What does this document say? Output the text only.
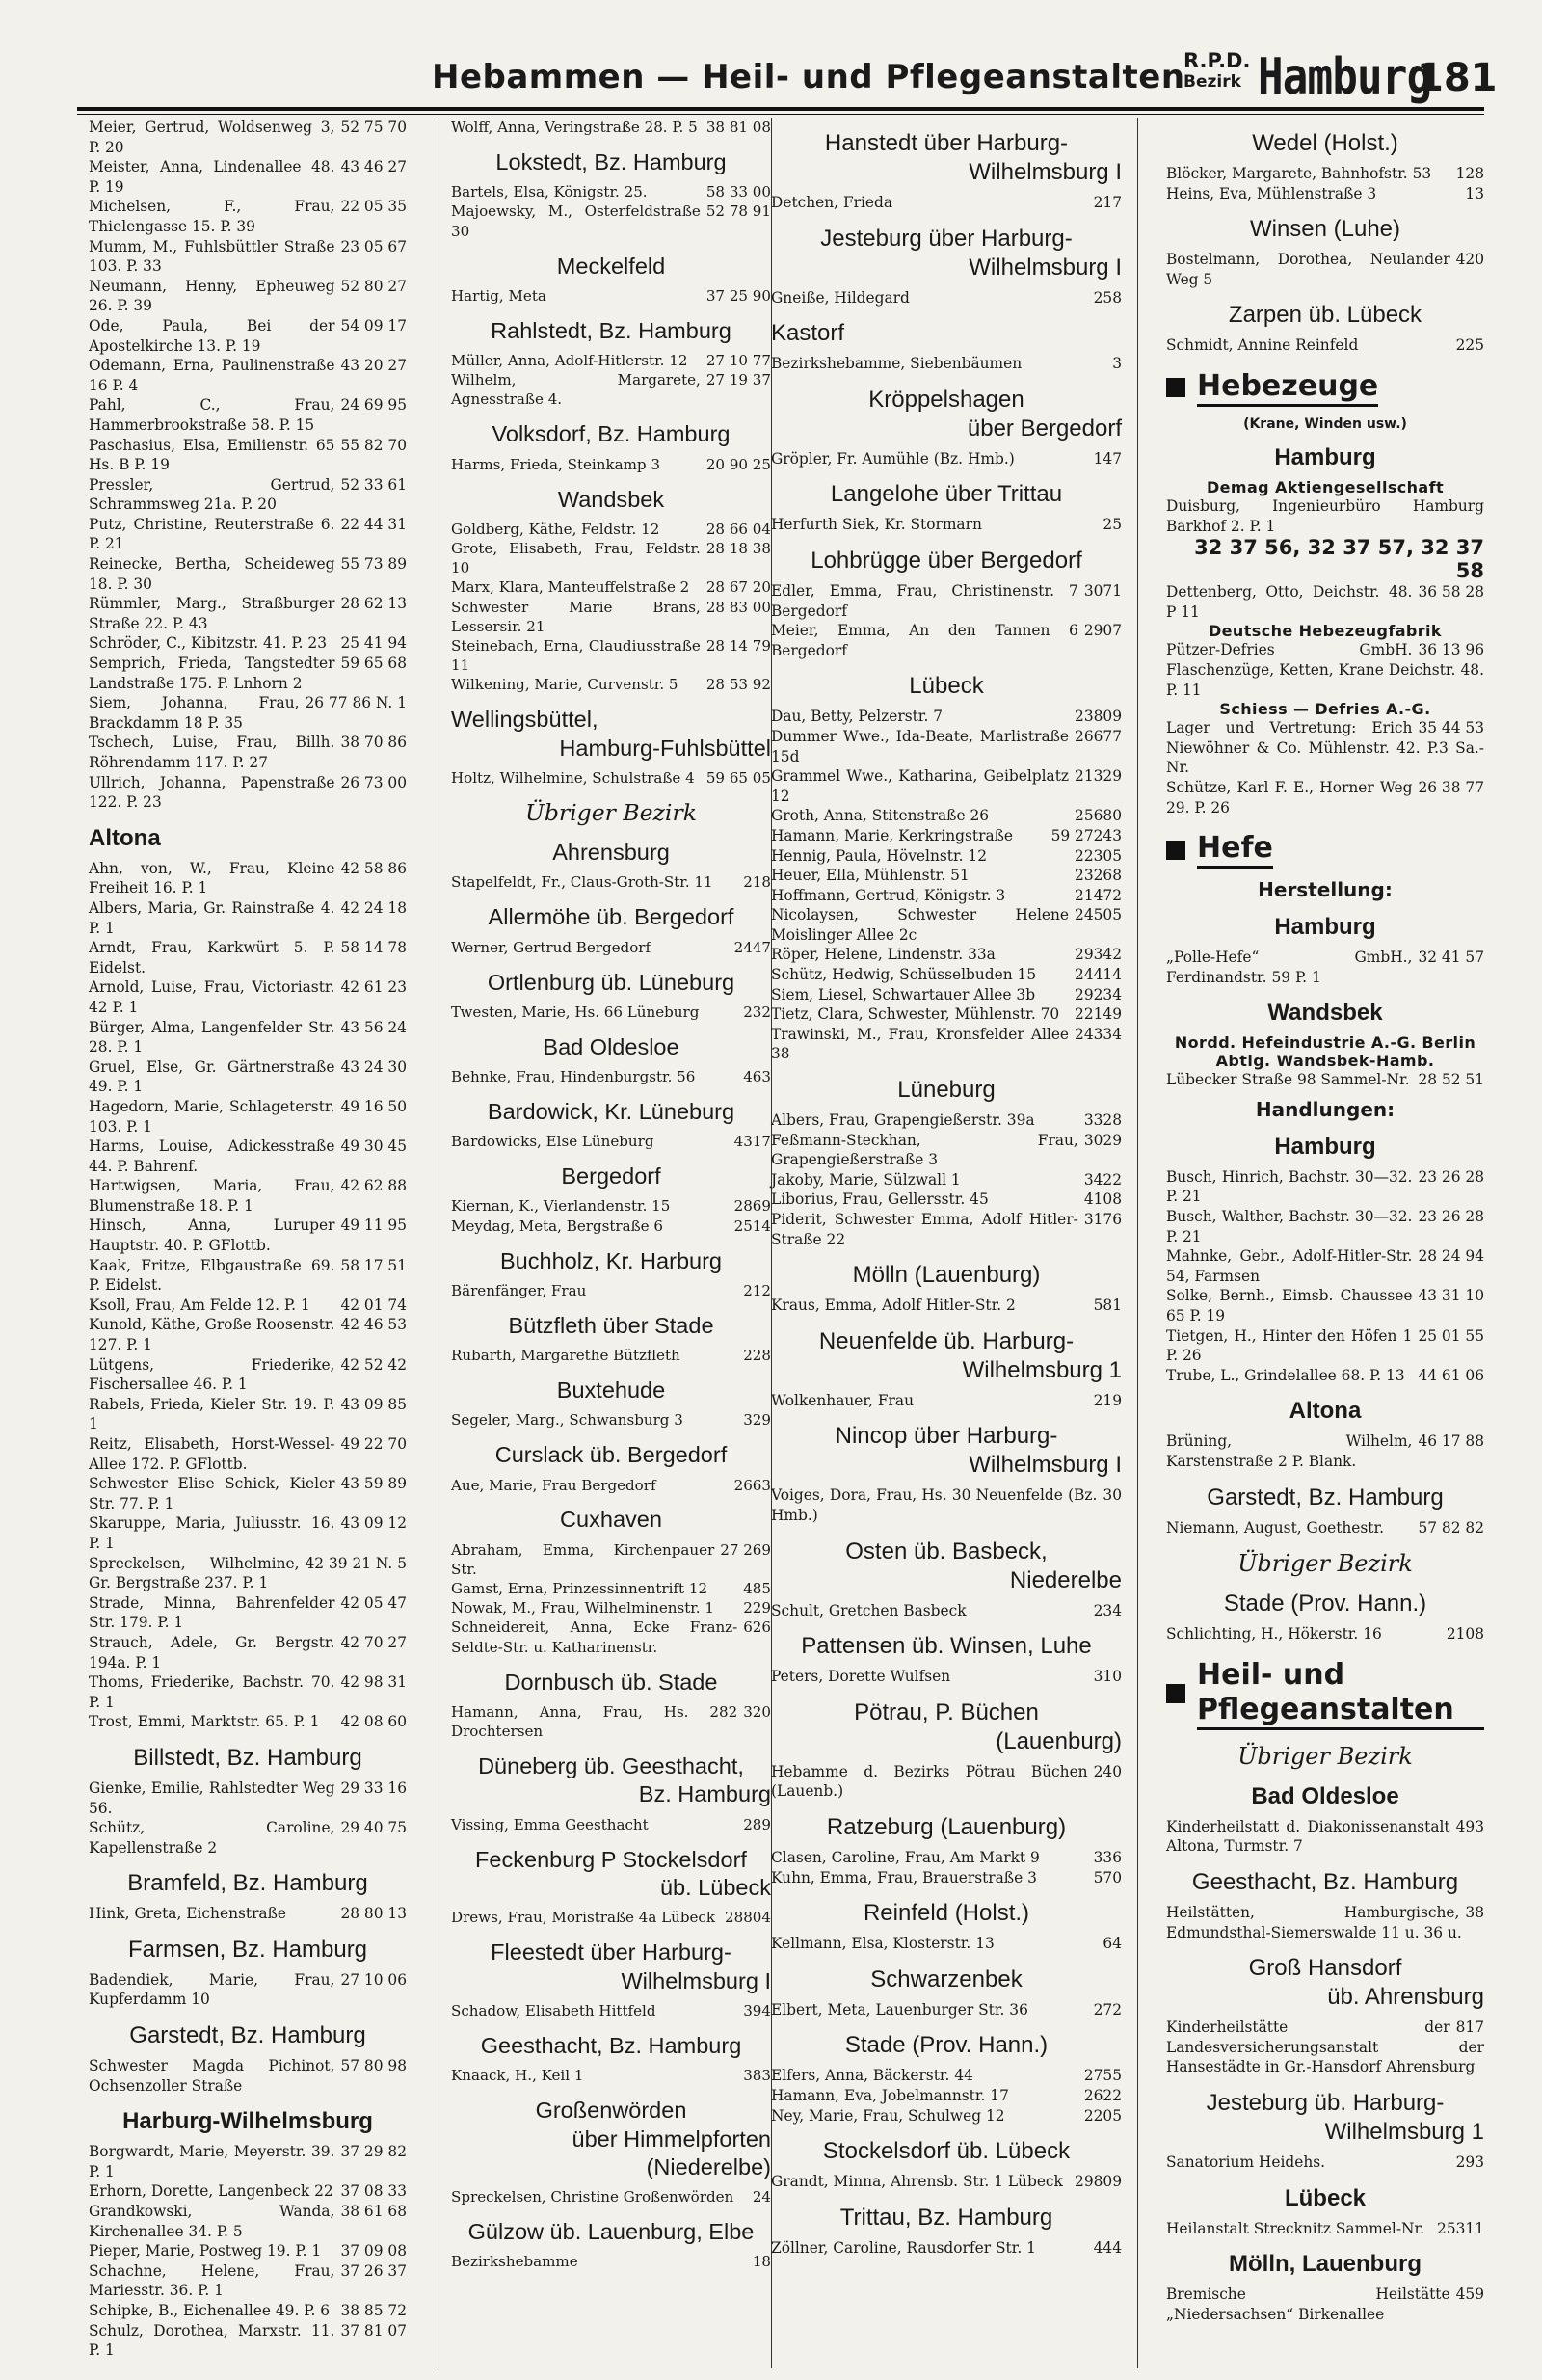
Hebammen — Heil- und Pflegeanstalten
R.P.D.
Bezirk Hamburg
181

52 75 70
Meier, Gertrud, Woldsenweg 3, P. 20

43 46 27
Meister, Anna, Lindenallee 48. P. 19

22 05 35
Michelsen, F., Frau, Thielengasse 15. P. 39

23 05 67
Mumm, M., Fuhlsbüttler Straße 103. P. 33

52 80 27
Neumann, Henny, Epheuweg 26. P. 39

54 09 17
Ode, Paula, Bei der Apostelkirche 13. P. 19

43 20 27
Odemann, Erna, Paulinenstraße 16 P. 4

24 69 95
Pahl, C., Frau, Hammerbrookstraße 58. P. 15

55 82 70
Paschasius, Elsa, Emilienstr. 65 Hs. B P. 19

52 33 61
Pressler, Gertrud, Schrammsweg 21a. P. 20

22 44 31
Putz, Christine, Reuterstraße 6. P. 21

55 73 89
Reinecke, Bertha, Scheideweg 18. P. 30

28 62 13
Rümmler, Marg., Straßburger Straße 22. P. 43

25 41 94
Schröder, C., Kibitzstr. 41. P. 23

59 65 68
Semprich, Frieda, Tangstedter Landstraße 175. P. Lnhorn 2

26 77 86 N. 1
Siem, Johanna, Frau, Brackdamm 18 P. 35

38 70 86
Tschech, Luise, Frau, Billh. Röhrendamm 117. P. 27

26 73 00
Ullrich, Johanna, Papenstraße 122. P. 23

Altona

42 58 86
Ahn, von, W., Frau, Kleine Freiheit 16. P. 1

42 24 18
Albers, Maria, Gr. Rainstraße 4. P. 1

58 14 78
Arndt, Frau, Karkwürt 5. P. Eidelst.

42 61 23
Arnold, Luise, Frau, Victoriastr. 42 P. 1

43 56 24
Bürger, Alma, Langenfelder Str. 28. P. 1

43 24 30
Gruel, Else, Gr. Gärtnerstraße 49. P. 1

49 16 50
Hagedorn, Marie, Schlageterstr. 103. P. 1

49 30 45
Harms, Louise, Adickesstraße 44. P. Bahrenf.

42 62 88
Hartwigsen, Maria, Frau, Blumenstraße 18. P. 1

49 11 95
Hinsch, Anna, Luruper Hauptstr. 40. P. GFlottb.

58 17 51
Kaak, Fritze, Elbgaustraße 69. P. Eidelst.

42 01 74
Ksoll, Frau, Am Felde 12. P. 1

42 46 53
Kunold, Käthe, Große Roosenstr. 127. P. 1

42 52 42
Lütgens, Friederike, Fischersallee 46. P. 1

43 09 85
Rabels, Frieda, Kieler Str. 19. P. 1

49 22 70
Reitz, Elisabeth, Horst-Wessel-Allee 172. P. GFlottb.

43 59 89
Schwester Elise Schick, Kieler Str. 77. P. 1

43 09 12
Skaruppe, Maria, Juliusstr. 16. P. 1

42 39 21 N. 5
Spreckelsen, Wilhelmine, Gr. Bergstraße 237. P. 1

42 05 47
Strade, Minna, Bahrenfelder Str. 179. P. 1

42 70 27
Strauch, Adele, Gr. Bergstr. 194a. P. 1

42 98 31
Thoms, Friederike, Bachstr. 70. P. 1

42 08 60
Trost, Emmi, Marktstr. 65. P. 1

Billstedt, Bz. Hamburg

29 33 16
Gienke, Emilie, Rahlstedter Weg 56.

29 40 75
Schütz, Caroline, Kapellenstraße 2

Bramfeld, Bz. Hamburg

28 80 13
Hink, Greta, Eichenstraße

Farmsen, Bz. Hamburg

27 10 06
Badendiek, Marie, Frau, Kupferdamm 10

Garstedt, Bz. Hamburg

57 80 98
Schwester Magda Pichinot, Ochsenzoller Straße

Harburg-Wilhelmsburg

37 29 82
Borgwardt, Marie, Meyerstr. 39. P. 1

37 08 33
Erhorn, Dorette, Langenbeck 22

38 61 68
Grandkowski, Wanda, Kirchenallee 34. P. 5

37 09 08
Pieper, Marie, Postweg 19. P. 1

37 26 37
Schachne, Helene, Frau, Mariesstr. 36. P. 1

38 85 72
Schipke, B., Eichenallee 49. P. 6

37 81 07
Schulz, Dorothea, Marxstr. 11. P. 1

38 81 08
Wolff, Anna, Veringstraße 28. P. 5

Lokstedt, Bz. Hamburg

58 33 00
Bartels, Elsa, Königstr. 25.

52 78 91
Majoewsky, M., Osterfeldstraße 30

Meckelfeld

37 25 90
Hartig, Meta

Rahlstedt, Bz. Hamburg

27 10 77
Müller, Anna, Adolf-Hitlerstr. 12

27 19 37
Wilhelm, Margarete, Agnesstraße 4.

Volksdorf, Bz. Hamburg

20 90 25
Harms, Frieda, Steinkamp 3

Wandsbek

28 66 04
Goldberg, Käthe, Feldstr. 12

28 18 38
Grote, Elisabeth, Frau, Feldstr. 10

28 67 20
Marx, Klara, Manteuffelstraße 2

28 83 00
Schwester Marie Brans, Lessersir. 21

28 14 79
Steinebach, Erna, Claudiusstraße 11

28 53 92
Wilkening, Marie, Curvenstr. 5

Wellingsbüttel,
Hamburg-Fuhlsbüttel

59 65 05
Holtz, Wilhelmine, Schulstraße 4

Übriger Bezirk
Ahrensburg

218
Stapelfeldt, Fr., Claus-Groth-Str. 11

Allermöhe üb. Bergedorf

2447
Werner, Gertrud Bergedorf

Ortlenburg üb. Lüneburg

232
Twesten, Marie, Hs. 66 Lüneburg

Bad Oldesloe

463
Behnke, Frau, Hindenburgstr. 56

Bardowick, Kr. Lüneburg

4317
Bardowicks, Else Lüneburg

Bergedorf

2869
Kiernan, K., Vierlandenstr. 15

2514
Meydag, Meta, Bergstraße 6

Buchholz, Kr. Harburg

212
Bärenfänger, Frau

Bützfleth über Stade

228
Rubarth, Margarethe Bützfleth

Buxtehude

329
Segeler, Marg., Schwansburg 3

Curslack üb. Bergedorf

2663
Aue, Marie, Frau Bergedorf

Cuxhaven

27 269
Abraham, Emma, Kirchenpauer Str.

485
Gamst, Erna, Prinzessinnentrift 12

229
Nowak, M., Frau, Wilhelminenstr. 1

626
Schneidereit, Anna, Ecke Franz-Seldte-Str. u. Katharinenstr.

Dornbusch üb. Stade

320
Hamann, Anna, Frau, Hs. 282 Drochtersen

Düneberg üb. Geesthacht,
Bz. Hamburg

289
Vissing, Emma Geesthacht

Feckenburg P Stockelsdorf
üb. Lübeck

28804
Drews, Frau, Moristraße 4a Lübeck

Fleestedt über Harburg-
Wilhelmsburg I

394
Schadow, Elisabeth Hittfeld

Geesthacht, Bz. Hamburg

383
Knaack, H., Keil 1

Großenwörden
über Himmelpforten
(Niederelbe)

24
Spreckelsen, Christine Großenwörden

Gülzow üb. Lauenburg, Elbe

18
Bezirkshebamme

Hanstedt über Harburg-
Wilhelmsburg I

217
Detchen, Frieda

Jesteburg über Harburg-
Wilhelmsburg I

258
Gneiße, Hildegard

Kastorf

3
Bezirkshebamme, Siebenbäumen

Kröppelshagen
über Bergedorf

147
Gröpler, Fr. Aumühle (Bz. Hmb.)

Langelohe über Trittau

25
Herfurth Siek, Kr. Stormarn

Lohbrügge über Bergedorf

3071
Edler, Emma, Frau, Christinenstr. 7 Bergedorf

2907
Meier, Emma, An den Tannen 6 Bergedorf

Lübeck

23809
Dau, Betty, Pelzerstr. 7

26677
Dummer Wwe., Ida-Beate, Marlistraße 15d

21329
Grammel Wwe., Katharina, Geibelplatz 12

25680
Groth, Anna, Stitenstraße 26

59 27243
Hamann, Marie, Kerkringstraße

22305
Hennig, Paula, Hövelnstr. 12

23268
Heuer, Ella, Mühlenstr. 51

21472
Hoffmann, Gertrud, Königstr. 3

24505
Nicolaysen, Schwester Helene Moislinger Allee 2c

29342
Röper, Helene, Lindenstr. 33a

24414
Schütz, Hedwig, Schüsselbuden 15

29234
Siem, Liesel, Schwartauer Allee 3b

22149
Tietz, Clara, Schwester, Mühlenstr. 70

24334
Trawinski, M., Frau, Kronsfelder Allee 38

Lüneburg

3328
Albers, Frau, Grapengießerstr. 39a

3029
Feßmann-Steckhan, Frau, Grapengießerstraße 3

3422
Jakoby, Marie, Sülzwall 1

4108
Liborius, Frau, Gellersstr. 45

3176
Piderit, Schwester Emma, Adolf Hitler-Straße 22

Mölln (Lauenburg)

581
Kraus, Emma, Adolf Hitler-Str. 2

Neuenfelde üb. Harburg-
Wilhelmsburg 1

219
Wolkenhauer, Frau

Nincop über Harburg-
Wilhelmsburg I

30
Voiges, Dora, Frau, Hs. 30 Neuenfelde (Bz. Hmb.)

Osten üb. Basbeck,
Niederelbe

234
Schult, Gretchen Basbeck

Pattensen üb. Winsen, Luhe

310
Peters, Dorette Wulfsen

Pötrau, P. Büchen
(Lauenburg)

240
Hebamme d. Bezirks Pötrau Büchen (Lauenb.)

Ratzeburg (Lauenburg)

336
Clasen, Caroline, Frau, Am Markt 9

570
Kuhn, Emma, Frau, Brauerstraße 3

Reinfeld (Holst.)

64
Kellmann, Elsa, Klosterstr. 13

Schwarzenbek

272
Elbert, Meta, Lauenburger Str. 36

Stade (Prov. Hann.)

2755
Elfers, Anna, Bäckerstr. 44

2622
Hamann, Eva, Jobelmannstr. 17

2205
Ney, Marie, Frau, Schulweg 12

Stockelsdorf üb. Lübeck

29809
Grandt, Minna, Ahrensb. Str. 1 Lübeck

Trittau, Bz. Hamburg

444
Zöllner, Caroline, Rausdorfer Str. 1

Wedel (Holst.)

128
Blöcker, Margarete, Bahnhofstr. 53

13
Heins, Eva, Mühlenstraße 3

Winsen (Luhe)

420
Bostelmann, Dorothea, Neulander Weg 5

Zarpen üb. Lübeck

225
Schmidt, Annine Reinfeld

Hebezeuge
(Krane, Winden usw.)
Hamburg
Demag Aktiengesellschaft

Duisburg, Ingenieurbüro Hamburg Barkhof 2. P. 1

32 37 56, 32 37 57, 32 37 58

36 58 28
Dettenberg, Otto, Deichstr. 48. P 11

Deutsche Hebezeugfabrik

36 13 96
Pützer-Defries GmbH. Flaschenzüge, Ketten, Krane Deichstr. 48. P. 11

Schiess — Defries A.-G.

35 44 53
Lager und Vertretung: Erich Niewöhner & Co. Mühlenstr. 42. P.3 Sa.-Nr.

26 38 77
Schütze, Karl F. E., Horner Weg 29. P. 26

Hefe
Herstellung:
Hamburg

32 41 57
„Polle-Hefe“ GmbH., Ferdinandstr. 59 P. 1

Wandsbek
Nordd. Hefeindustrie A.-G. Berlin Abtlg. Wandsbek-Hamb.

28 52 51
Lübecker Straße 98 Sammel-Nr.

Handlungen:
Hamburg

23 26 28
Busch, Hinrich, Bachstr. 30—32. P. 21

23 26 28
Busch, Walther, Bachstr. 30—32. P. 21

28 24 94
Mahnke, Gebr., Adolf-Hitler-Str. 54, Farmsen

43 31 10
Solke, Bernh., Eimsb. Chaussee 65 P. 19

25 01 55
Tietgen, H., Hinter den Höfen 1 P. 26

44 61 06
Trube, L., Grindelallee 68. P. 13

Altona

46 17 88
Brüning, Wilhelm, Karstenstraße 2 P. Blank.

Garstedt, Bz. Hamburg

57 82 82
Niemann, August, Goethestr.

Übriger Bezirk
Stade (Prov. Hann.)

2108
Schlichting, H., Hökerstr. 16

Heil- und Pflegeanstalten
Übriger Bezirk
Bad Oldesloe

493
Kinderheilstatt d. Diakonissenanstalt Altona, Turmstr. 7

Geesthacht, Bz. Hamburg

38
Heilstätten, Hamburgische, Edmundsthal-Siemerswalde 11 u. 36 u.

Groß Hansdorf
üb. Ahrensburg

817
Kinderheilstätte der Landesversicherungsanstalt der Hansestädte in Gr.-Hansdorf Ahrensburg

Jesteburg üb. Harburg-
Wilhelmsburg 1

293
Sanatorium Heidehs.

Lübeck

25311
Heilanstalt Strecknitz Sammel-Nr.

Mölln, Lauenburg

459
Bremische Heilstätte „Niedersachsen“ Birkenallee
